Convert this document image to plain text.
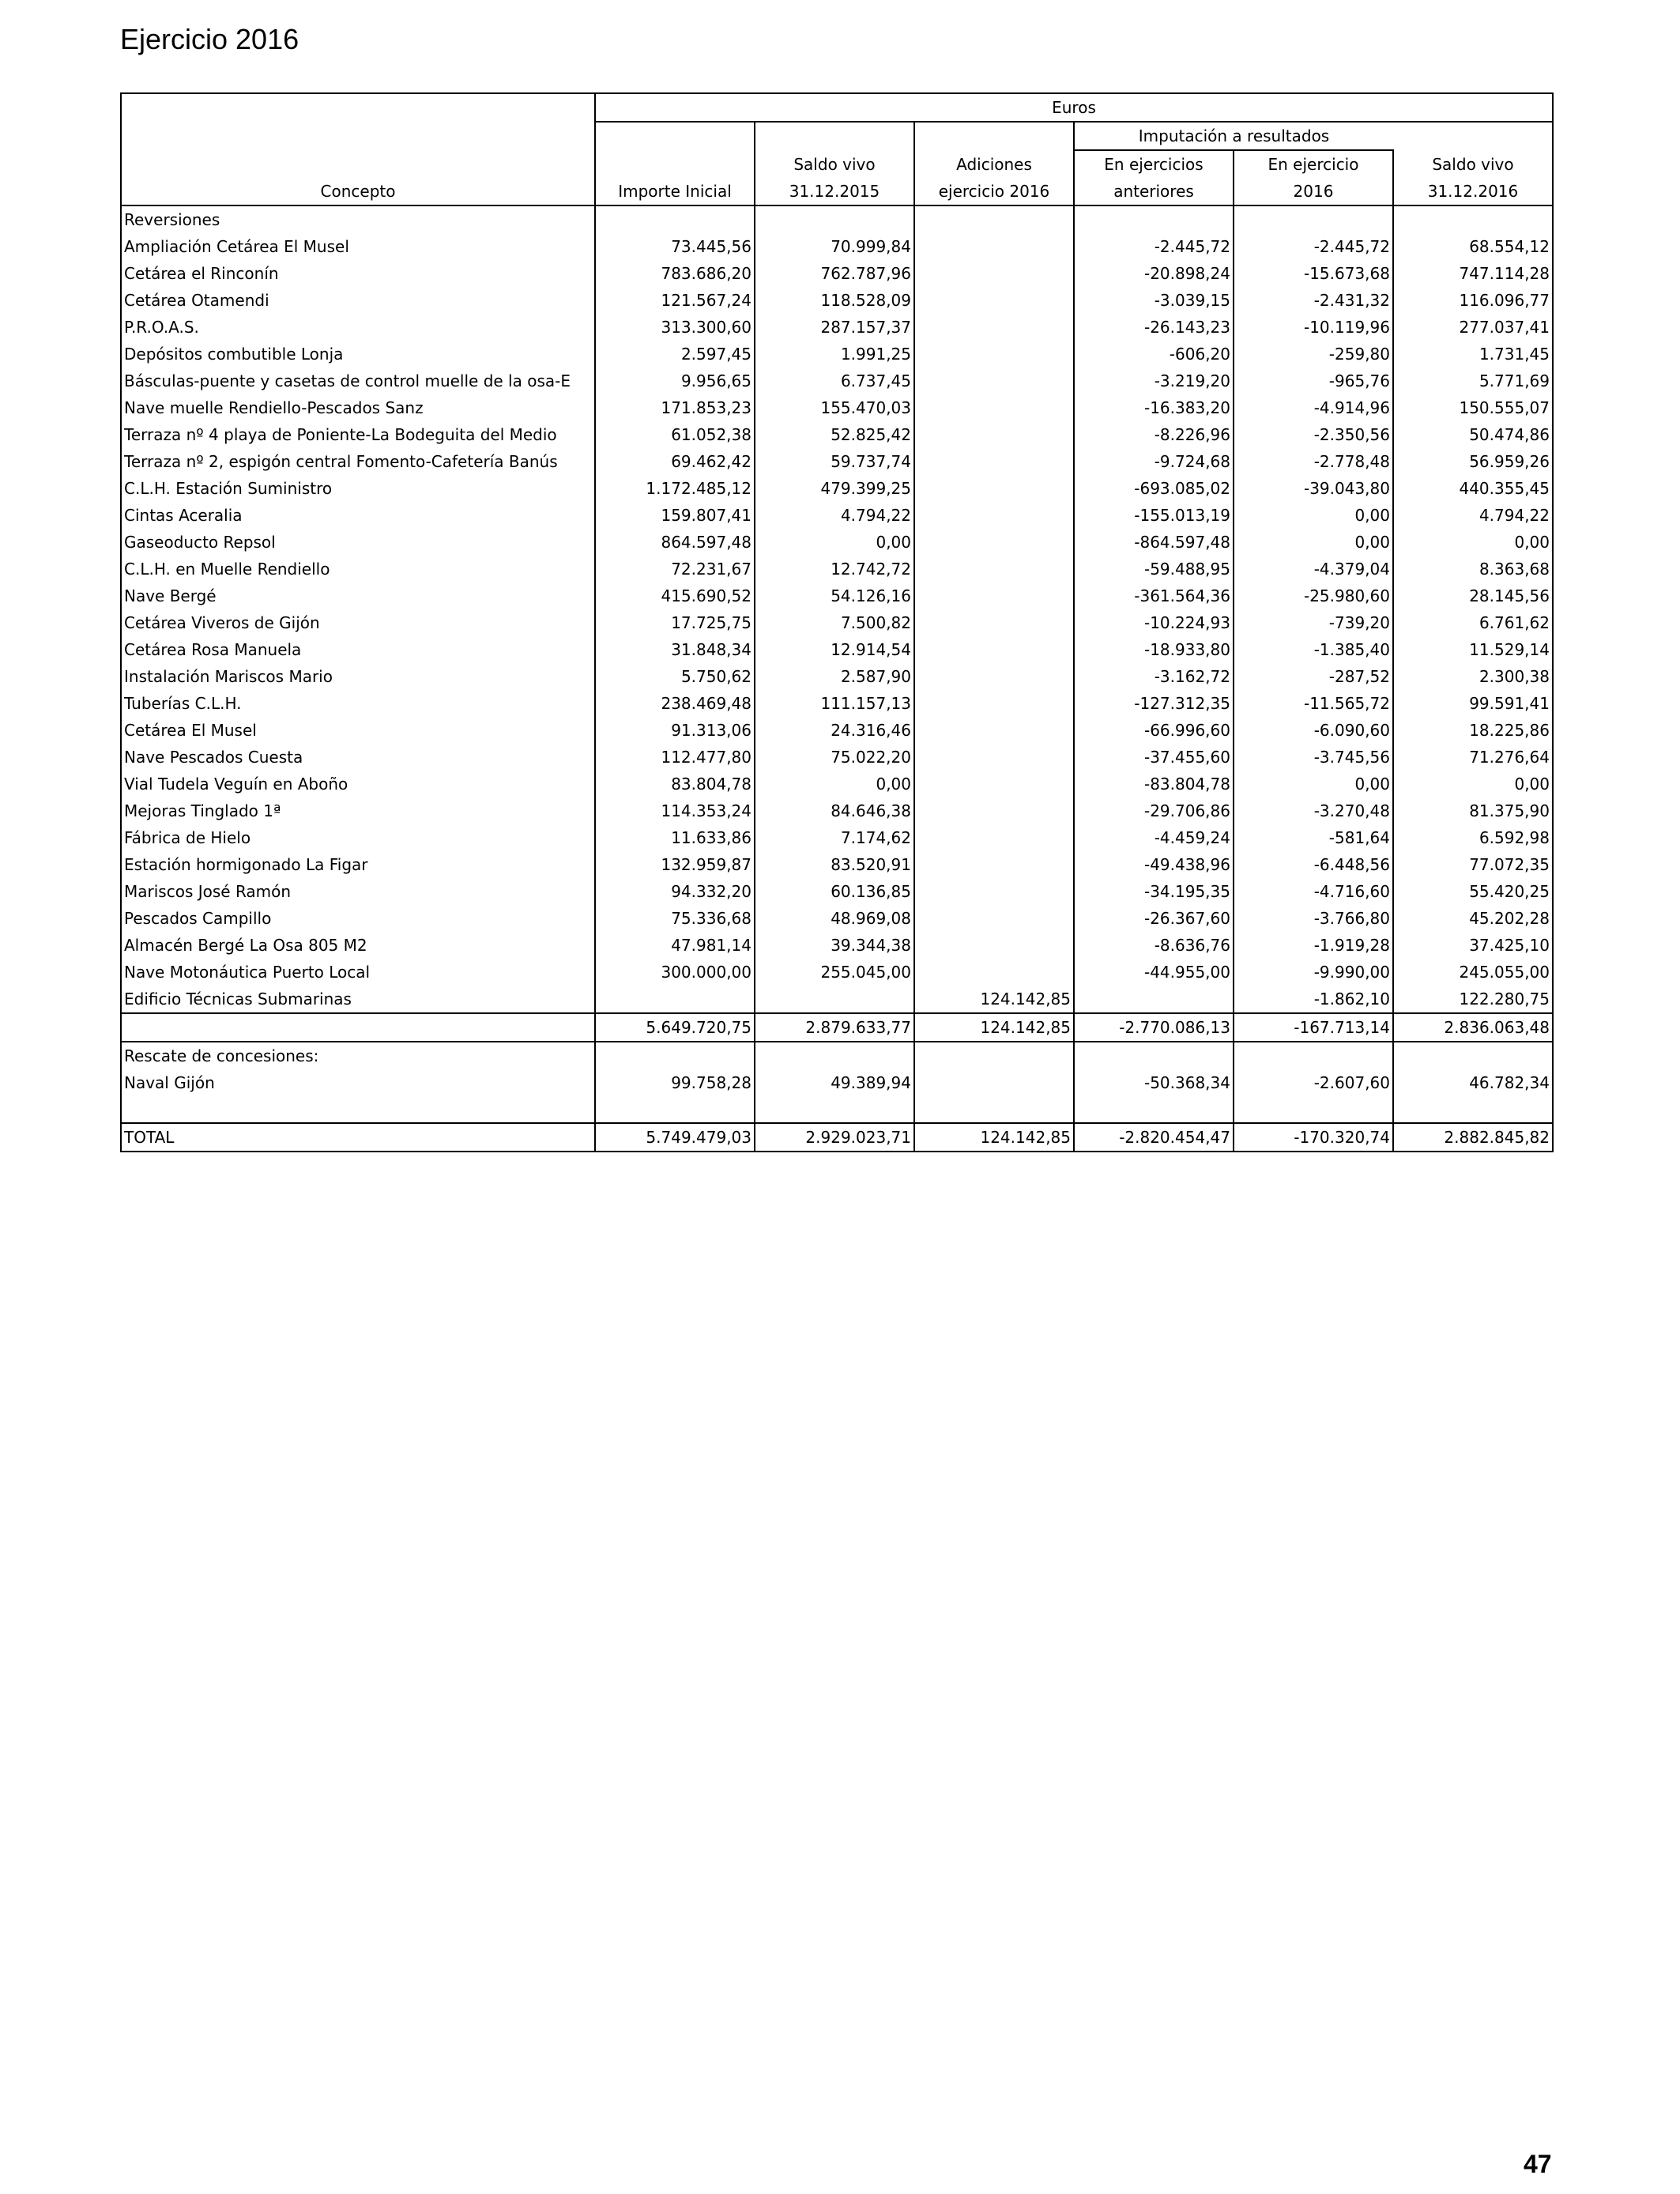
Ejercicio 2016
Concepto	Euros					
				Imputación a resultados		
		Saldo vivo	Adiciones	En ejercicios	En ejercicio	Saldo vivo
	Importe Inicial	31.12.2015	ejercicio 2016	anteriores	2016	31.12.2016
Reversiones						
Ampliación Cetárea El Musel	73.445,56	70.999,84		-2.445,72	-2.445,72	68.554,12
Cetárea el Rinconín	783.686,20	762.787,96		-20.898,24	-15.673,68	747.114,28
Cetárea Otamendi	121.567,24	118.528,09		-3.039,15	-2.431,32	116.096,77
P.R.O.A.S.	313.300,60	287.157,37		-26.143,23	-10.119,96	277.037,41
Depósitos combutible Lonja	2.597,45	1.991,25		-606,20	-259,80	1.731,45
Básculas-puente y casetas de control muelle de la osa-E	9.956,65	6.737,45		-3.219,20	-965,76	5.771,69
Nave muelle Rendiello-Pescados Sanz	171.853,23	155.470,03		-16.383,20	-4.914,96	150.555,07
Terraza nº 4 playa de Poniente-La Bodeguita del Medio	61.052,38	52.825,42		-8.226,96	-2.350,56	50.474,86
Terraza nº 2, espigón central Fomento-Cafetería Banús	69.462,42	59.737,74		-9.724,68	-2.778,48	56.959,26
C.L.H. Estación Suministro	1.172.485,12	479.399,25		-693.085,02	-39.043,80	440.355,45
Cintas Aceralia	159.807,41	4.794,22		-155.013,19	0,00	4.794,22
Gaseoducto Repsol	864.597,48	0,00		-864.597,48	0,00	0,00
C.L.H. en Muelle Rendiello	72.231,67	12.742,72		-59.488,95	-4.379,04	8.363,68
Nave Bergé	415.690,52	54.126,16		-361.564,36	-25.980,60	28.145,56
Cetárea Viveros de Gijón	17.725,75	7.500,82		-10.224,93	-739,20	6.761,62
Cetárea Rosa Manuela	31.848,34	12.914,54		-18.933,80	-1.385,40	11.529,14
Instalación Mariscos Mario	5.750,62	2.587,90		-3.162,72	-287,52	2.300,38
Tuberías C.L.H.	238.469,48	111.157,13		-127.312,35	-11.565,72	99.591,41
Cetárea El Musel	91.313,06	24.316,46		-66.996,60	-6.090,60	18.225,86
Nave Pescados Cuesta	112.477,80	75.022,20		-37.455,60	-3.745,56	71.276,64
Vial Tudela Veguín en Aboño	83.804,78	0,00		-83.804,78	0,00	0,00
Mejoras Tinglado 1ª	114.353,24	84.646,38		-29.706,86	-3.270,48	81.375,90
Fábrica de Hielo	11.633,86	7.174,62		-4.459,24	-581,64	6.592,98
Estación hormigonado La Figar	132.959,87	83.520,91		-49.438,96	-6.448,56	77.072,35
Mariscos José Ramón	94.332,20	60.136,85		-34.195,35	-4.716,60	55.420,25
Pescados Campillo	75.336,68	48.969,08		-26.367,60	-3.766,80	45.202,28
Almacén Bergé La Osa 805 M2	47.981,14	39.344,38		-8.636,76	-1.919,28	37.425,10
Nave Motonáutica Puerto Local	300.000,00	255.045,00		-44.955,00	-9.990,00	245.055,00
Edificio Técnicas Submarinas			124.142,85		-1.862,10	122.280,75
	5.649.720,75	2.879.633,77	124.142,85	-2.770.086,13	-167.713,14	2.836.063,48
Rescate de concesiones:						
Naval Gijón	99.758,28	49.389,94		-50.368,34	-2.607,60	46.782,34

TOTAL	5.749.479,03	2.929.023,71	124.142,85	-2.820.454,47	-170.320,74	2.882.845,82
47
